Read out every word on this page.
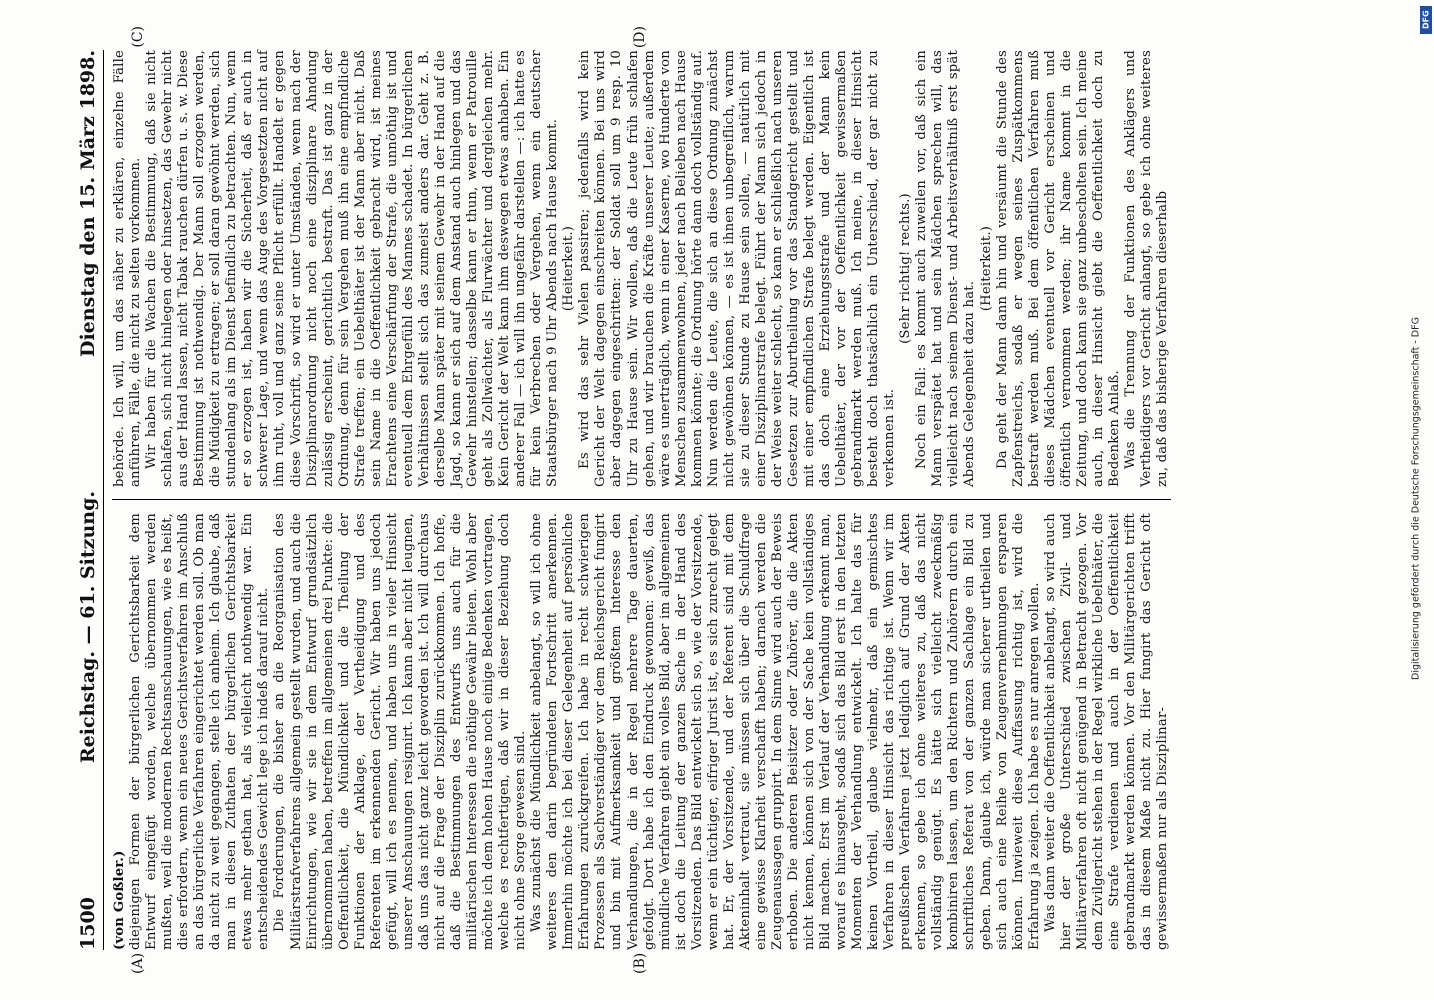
1500
Reichstag. — 61. Sitzung.
Dienstag den 15. März 1898.
(A)	(B)
(C)	(D)

(von Goßler.) diejenigen Formen der bürgerlichen Gerichtsbarkeit dem Entwurf eingefügt worden, welche übernommen werden mußten, weil die modernen Rechtsanschauungen, wie es heißt, dies erfordern, wenn ein neues Gerichtsverfahren im Anschluß an das bürgerliche Verfahren eingerichtet werden soll. Ob man da nicht zu weit gegangen, stelle ich anheim. Ich glaube, daß man in diesen Zuthaten der bürgerlichen Gerichtsbarkeit etwas mehr gethan hat, als vielleicht nothwendig war. Ein entscheidendes Gewicht lege ich indeß darauf nicht. Die Forderungen, die bisher an die Reorganisation des Militärstrafverfahrens allgemein gestellt wurden, und auch die Einrichtungen, wie wir sie in dem Entwurf grundsätzlich übernommen haben, betreffen im allgemeinen drei Punkte: die Oeffentlichkeit, die Mündlichkeit und die Theilung der Funktionen der Anklage, der Vertheidigung und des Referenten im erkennenden Gericht. Wir haben uns jedoch gefügt, will ich es nennen, und haben uns in vieler Hinsicht unserer Anschauungen resignirt. Ich kann aber nicht leugnen, daß uns das nicht ganz leicht geworden ist. Ich will durchaus nicht auf die Frage der Disziplin zurückkommen. Ich hoffe, daß die Bestimmungen des Entwurfs uns auch für die militärischen Interessen die nöthige Gewähr bieten. Wohl aber möchte ich dem hohen Hause noch einige Bedenken vortragen, welche es rechtfertigen, daß wir in dieser Beziehung doch nicht ohne Sorge gewesen sind. Was zunächst die Mündlichkeit anbelangt, so will ich ohne weiteres den darin begründeten Fortschritt anerkennen. Immerhin möchte ich bei dieser Gelegenheit auf persönliche Erfahrungen zurückgreifen. Ich habe in recht schwierigen Prozessen als Sachverständiger vor dem Reichsgericht fungirt und bin mit Aufmerksamkeit und größtem Interesse den Verhandlungen, die in der Regel mehrere Tage dauerten, gefolgt. Dort habe ich den Eindruck gewonnen: gewiß, das mündliche Verfahren giebt ein volles Bild, aber im allgemeinen ist doch die Leitung der ganzen Sache in der Hand des Vorsitzenden. Das Bild entwickelt sich so, wie der Vorsitzende, wenn er ein tüchtiger, eifriger Jurist ist, es sich zurecht gelegt hat. Er, der Vorsitzende, und der Referent sind mit dem Akteninhalt vertraut, sie müssen sich über die Schuldfrage eine gewisse Klarheit verschafft haben; darnach werden die Zeugenaussagen gruppirt. In dem Sinne wird auch der Beweis erhoben. Die anderen Beisitzer oder Zuhörer, die die Akten nicht kennen, können sich von der Sache kein vollständiges Bild machen. Erst im Verlauf der Verhandlung erkennt man, worauf es hinausgeht, sodaß sich das Bild erst in den letzten Momenten der Verhandlung entwickelt. Ich halte das für keinen Vortheil, glaube vielmehr, daß ein gemischtes Verfahren in dieser Hinsicht das richtige ist. Wenn wir im preußischen Verfahren jetzt lediglich auf Grund der Akten erkennen, so gebe ich ohne weiteres zu, daß das nicht vollständig genügt. Es hätte sich vielleicht zweckmäßig kombiniren lassen, um den Richtern und Zuhörern durch ein schriftliches Referat von der ganzen Sachlage ein Bild zu geben. Dann, glaube ich, würde man sicherer urtheilen und sich auch eine Reihe von Zeugenvernehmungen ersparen können. Inwieweit diese Auffassung richtig ist, wird die Erfahrung ja zeigen. Ich habe es nur anregen wollen. Was dann weiter die Oeffentlichkeit anbelangt, so wird auch hier der große Unterschied zwischen Zivil- und Militärverfahren oft nicht genügend in Betracht gezogen. Vor dem Zivilgericht stehen in der Regel wirkliche Uebelthäter, die eine Strafe verdienen und auch in der Oeffentlichkeit gebrandmarkt werden können. Vor den Militärgerichten trifft das in diesem Maße nicht zu. Hier fungirt das Gericht oft gewissermaßen nur als Disziplinar-

behörde. Ich will, um das näher zu erklären, einzelne Fälle anführen, Fälle, die nicht zu selten vorkommen. Wir haben für die Wachen die Bestimmung, daß sie nicht schlafen, sich nicht hinlegen oder hinsetzen, das Gewehr nicht aus der Hand lassen, nicht Tabak rauchen dürfen u. s. w. Diese Bestimmung ist nothwendig. Der Mann soll erzogen werden, die Müdigkeit zu ertragen; er soll daran gewöhnt werden, sich stundenlang als im Dienst befindlich zu betrachten. Nun, wenn er so erzogen ist, haben wir die Sicherheit, daß er auch in schwerer Lage, und wenn das Auge des Vorgesetzten nicht auf ihm ruht, voll und ganz seine Pflicht erfüllt. Handelt er gegen diese Vorschrift, so wird er unter Umständen, wenn nach der Disziplinarordnung nicht noch eine disziplinare Ahndung zulässig erscheint, gerichtlich bestraft. Das ist ganz in der Ordnung, denn für sein Vergehen muß ihn eine empfindliche Strafe treffen; ein Uebelthäter ist der Mann aber nicht. Daß sein Name in die Oeffentlichkeit gebracht wird, ist meines Erachtens eine Verschärfung der Strafe, die unnöthig ist und eventuell dem Ehrgefühl des Mannes schadet. In bürgerlichen Verhältnissen stellt sich das zumeist anders dar. Geht z. B. derselbe Mann später mit seinem Gewehr in der Hand auf die Jagd, so kann er sich auf dem Anstand auch hinlegen und das Gewehr hinstellen; dasselbe kann er thun, wenn er Patrouille geht als Zollwächter, als Flurwächter und dergleichen mehr. Kein Gericht der Welt kann ihm deswegen etwas anhaben. Ein anderer Fall — ich will ihn ungefähr darstellen —: ich hatte es für kein Verbrechen oder Vergehen, wenn ein deutscher Staatsbürger nach 9 Uhr Abends nach Hause kommt. (Heiterkeit.) Es wird das sehr Vielen passiren; jedenfalls wird kein Gericht der Welt dagegen einschreiten können. Bei uns wird aber dagegen eingeschritten: der Soldat soll um 9 resp. 10 Uhr zu Hause sein. Wir wollen, daß die Leute früh schlafen gehen, und wir brauchen die Kräfte unserer Leute; außerdem wäre es unerträglich, wenn in einer Kaserne, wo Hunderte von Menschen zusammenwohnen, jeder nach Belieben nach Hause kommen könnte; die Ordnung hörte dann doch vollständig auf. Nun werden die Leute, die sich an diese Ordnung zunächst nicht gewöhnen können, — es ist ihnen unbegreiflich, warum sie zu dieser Stunde zu Hause sein sollen, — natürlich mit einer Disziplinarstrafe belegt. Führt der Mann sich jedoch in der Weise weiter schlecht, so kann er schließlich nach unseren Gesetzen zur Aburtheilung vor das Standgericht gestellt und mit einer empfindlichen Strafe belegt werden. Eigentlich ist das doch eine Erziehungsstrafe und der Mann kein Uebelthäter, der vor der Oeffentlichkeit gewissermaßen gebrandmarkt werden muß. Ich meine, in dieser Hinsicht besteht doch thatsächlich ein Unterschied, der gar nicht zu verkennen ist.

(Sehr richtig! rechts.) Noch ein Fall: es kommt auch zuweilen vor, daß sich ein Mann verspätet hat und sein Mädchen sprechen will, das vielleicht nach seinem Dienst- und Arbeitsverhältniß erst spät Abends Gelegenheit dazu hat.

(Heiterkeit.) Da geht der Mann dann hin und versäumt die Stunde des Zapfenstreichs, sodaß er wegen seines Zuspätkommens bestraft werden muß. Bei dem öffentlichen Verfahren muß dieses Mädchen eventuell vor Gericht erscheinen und öffentlich vernommen werden; ihr Name kommt in die Zeitung, und doch kann sie ganz unbescholten sein. Ich meine auch, in dieser Hinsicht giebt die Oeffentlichkeit doch zu Bedenken Anlaß. Was die Trennung der Funktionen des Anklägers und Vertheidigers vor Gericht anlangt, so gebe ich ohne weiteres zu, daß das bisherige Verfahren dieserhalb	Digitalisierung gefördert durch die Deutsche Forschungsgemeinschaft - DFG
DFG
